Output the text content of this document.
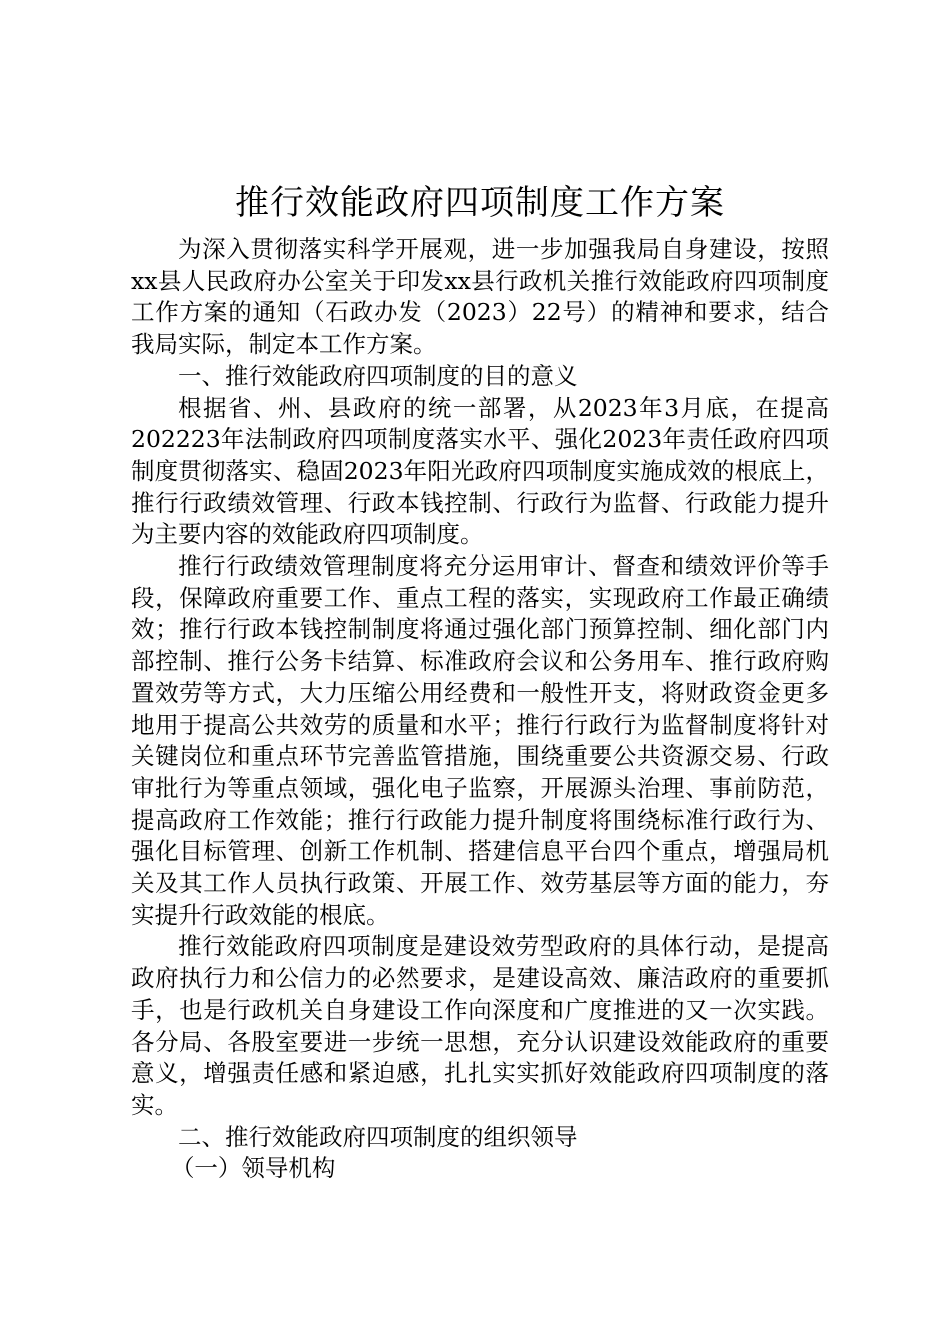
推行效能政府四项制度工作方案

为深入贯彻落实科学开展观，进一步加强我局自身建设，按照xx县人民政府办公室关于印发xx县行政机关推行效能政府四项制度工作方案的通知（石政办发（2023）22号）的精神和要求，结合我局实际，制定本工作方案。

一、推行效能政府四项制度的目的意义

根据省、州、县政府的统一部署，从2023年3月底，在提高202223年法制政府四项制度落实水平、强化2023年责任政府四项制度贯彻落实、稳固2023年阳光政府四项制度实施成效的根底上，推行行政绩效管理、行政本钱控制、行政行为监督、行政能力提升为主要内容的效能政府四项制度。

推行行政绩效管理制度将充分运用审计、督查和绩效评价等手段，保障政府重要工作、重点工程的落实，实现政府工作最正确绩效；推行行政本钱控制制度将通过强化部门预算控制、细化部门内部控制、推行公务卡结算、标准政府会议和公务用车、推行政府购置效劳等方式，大力压缩公用经费和一般性开支，将财政资金更多地用于提高公共效劳的质量和水平；推行行政行为监督制度将针对关键岗位和重点环节完善监管措施，围绕重要公共资源交易、行政审批行为等重点领域，强化电子监察，开展源头治理、事前防范，提高政府工作效能；推行行政能力提升制度将围绕标准行政行为、强化目标管理、创新工作机制、搭建信息平台四个重点，增强局机关及其工作人员执行政策、开展工作、效劳基层等方面的能力，夯实提升行政效能的根底。

推行效能政府四项制度是建设效劳型政府的具体行动，是提高政府执行力和公信力的必然要求，是建设高效、廉洁政府的重要抓手，也是行政机关自身建设工作向深度和广度推进的又一次实践。各分局、各股室要进一步统一思想，充分认识建设效能政府的重要意义，增强责任感和紧迫感，扎扎实实抓好效能政府四项制度的落实。

二、推行效能政府四项制度的组织领导

（一）领导机构
